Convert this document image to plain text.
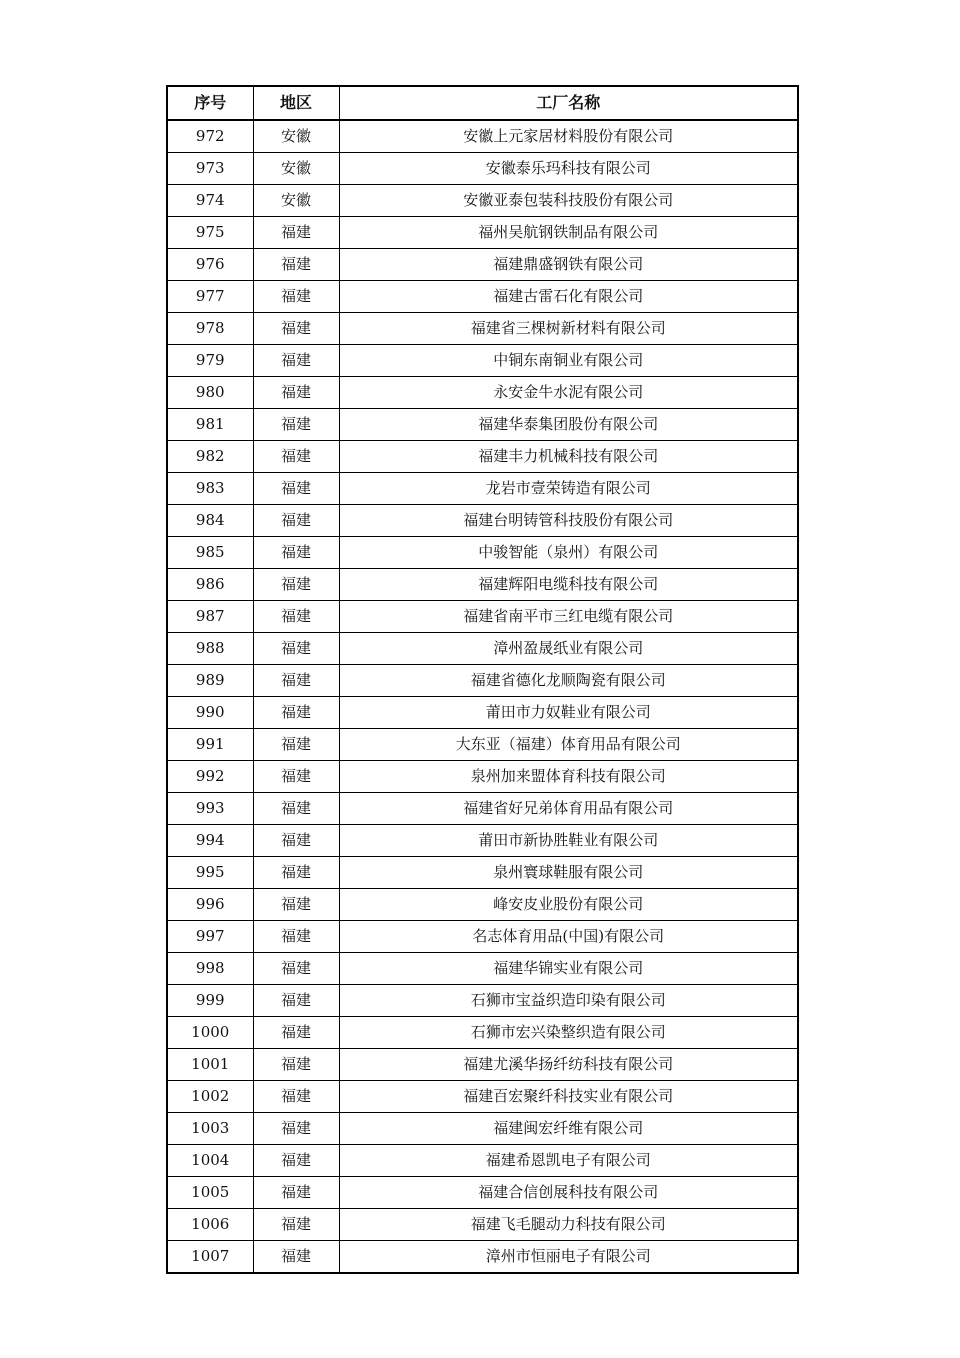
序号	地区	工厂名称
972	安徽	安徽上元家居材料股份有限公司
973	安徽	安徽泰乐玛科技有限公司
974	安徽	安徽亚泰包装科技股份有限公司
975	福建	福州吴航钢铁制品有限公司
976	福建	福建鼎盛钢铁有限公司
977	福建	福建古雷石化有限公司
978	福建	福建省三棵树新材料有限公司
979	福建	中铜东南铜业有限公司
980	福建	永安金牛水泥有限公司
981	福建	福建华泰集团股份有限公司
982	福建	福建丰力机械科技有限公司
983	福建	龙岩市壹荣铸造有限公司
984	福建	福建台明铸管科技股份有限公司
985	福建	中骏智能（泉州）有限公司
986	福建	福建辉阳电缆科技有限公司
987	福建	福建省南平市三红电缆有限公司
988	福建	漳州盈晟纸业有限公司
989	福建	福建省德化龙顺陶瓷有限公司
990	福建	莆田市力奴鞋业有限公司
991	福建	大东亚（福建）体育用品有限公司
992	福建	泉州加来盟体育科技有限公司
993	福建	福建省好兄弟体育用品有限公司
994	福建	莆田市新协胜鞋业有限公司
995	福建	泉州寰球鞋服有限公司
996	福建	峰安皮业股份有限公司
997	福建	名志体育用品(中国)有限公司
998	福建	福建华锦实业有限公司
999	福建	石狮市宝益织造印染有限公司
1000	福建	石狮市宏兴染整织造有限公司
1001	福建	福建尤溪华扬纤纺科技有限公司
1002	福建	福建百宏聚纤科技实业有限公司
1003	福建	福建闽宏纤维有限公司
1004	福建	福建希恩凯电子有限公司
1005	福建	福建合信创展科技有限公司
1006	福建	福建飞毛腿动力科技有限公司
1007	福建	漳州市恒丽电子有限公司
